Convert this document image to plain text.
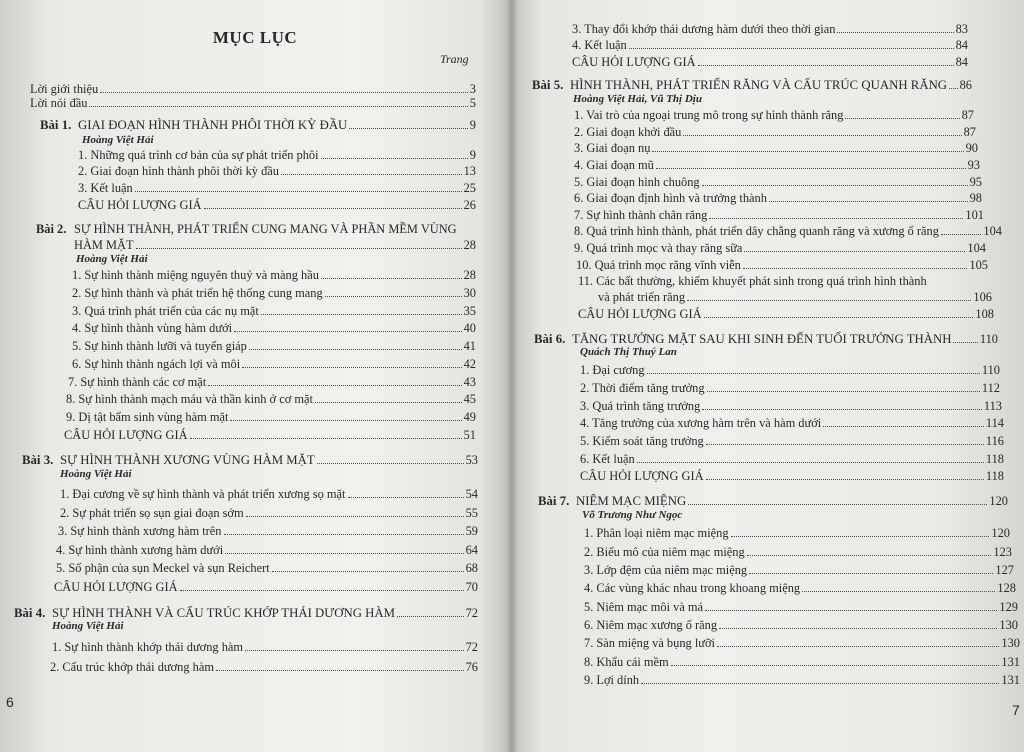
MỤC LỤC
Trang
Lời giới thiệu	3
Lời nói đầu	5
Bài 1. GIAI ĐOẠN HÌNH THÀNH PHÔI THỜI KỲ ĐẦU	9
Hoàng Việt Hải
1. Những quá trình cơ bản của sự phát triển phôi	9
2. Giai đoạn hình thành phôi thời kỳ đầu	13
3. Kết luận	25
CÂU HỎI LƯỢNG GIÁ	26
Bài 2. SỰ HÌNH THÀNH, PHÁT TRIỂN CUNG MANG VÀ PHẦN MỀM VÙNG
HÀM MẶT	28
Hoàng Việt Hải
1. Sự hình thành miệng nguyên thuỷ và màng hầu	28
2. Sự hình thành và phát triển hệ thống cung mang	30
3. Quá trình phát triển của các nụ mặt	35
4. Sự hình thành vùng hàm dưới	40
5. Sự hình thành lưỡi và tuyến giáp	41
6. Sự hình thành ngách lợi và môi	42
7. Sự hình thành các cơ mặt	43
8. Sự hình thành mạch máu và thần kinh ở cơ mặt	45
9. Dị tật bẩm sinh vùng hàm mặt	49
CÂU HỎI LƯỢNG GIÁ	51
Bài 3. SỰ HÌNH THÀNH XƯƠNG VÙNG HÀM MẶT	53
Hoàng Việt Hải
1. Đại cương về sự hình thành và phát triển xương sọ mặt	54
2. Sự phát triển sọ sụn giai đoạn sớm	55
3. Sự hình thành xương hàm trên	59
4. Sự hình thành xương hàm dưới	64
5. Số phận của sụn Meckel và sụn Reichert	68
CÂU HỎI LƯỢNG GIÁ	70
Bài 4. SỰ HÌNH THÀNH VÀ CẤU TRÚC KHỚP THÁI DƯƠNG HÀM	72
Hoàng Việt Hải
1. Sự hình thành khớp thái dương hàm	72
2. Cấu trúc khớp thái dương hàm	76
6
3. Thay đổi khớp thái dương hàm dưới theo thời gian	83
4. Kết luận	84
CÂU HỎI LƯỢNG GIÁ	84
Bài 5. HÌNH THÀNH, PHÁT TRIỂN RĂNG VÀ CẤU TRÚC QUANH RĂNG 86
Hoàng Việt Hải, Vũ Thị Dịu
1. Vai trò của ngoại trung mô trong sự hình thành răng	87
2. Giai đoạn khởi đầu	87
3. Giai đoạn nụ	90
4. Giai đoạn mũ	93
5. Giai đoạn hình chuông	95
6. Giai đoạn định hình và trưởng thành	98
7. Sự hình thành chân răng	101
8. Quá trình hình thành, phát triển dây chằng quanh răng và xương ổ răng	104
9. Quá trình mọc và thay răng sữa	104
10. Quá trình mọc răng vĩnh viễn	105
11. Các bất thường, khiếm khuyết phát sinh trong quá trình hình thành
và phát triển răng	106
CÂU HỎI LƯỢNG GIÁ	108
Bài 6. TĂNG TRƯỞNG MẶT SAU KHI SINH ĐẾN TUỔI TRƯỞNG THÀNH 110
Quách Thị Thuý Lan
1. Đại cương	110
2. Thời điểm tăng trưởng	112
3. Quá trình tăng trưởng	113
4. Tăng trưởng của xương hàm trên và hàm dưới	114
5. Kiểm soát tăng trưởng	116
6. Kết luận	118
CÂU HỎI LƯỢNG GIÁ	118
Bài 7. NIÊM MẠC MIỆNG	120
Võ Trương Như Ngọc
1. Phân loại niêm mạc miệng	120
2. Biểu mô của niêm mạc miệng	123
3. Lớp đệm của niêm mạc miệng	127
4. Các vùng khác nhau trong khoang miệng	128
5. Niêm mạc môi và má	129
6. Niêm mạc xương ổ răng	130
7. Sàn miệng và bụng lưỡi	130
8. Khẩu cái mềm	131
9. Lợi dính	131
7
